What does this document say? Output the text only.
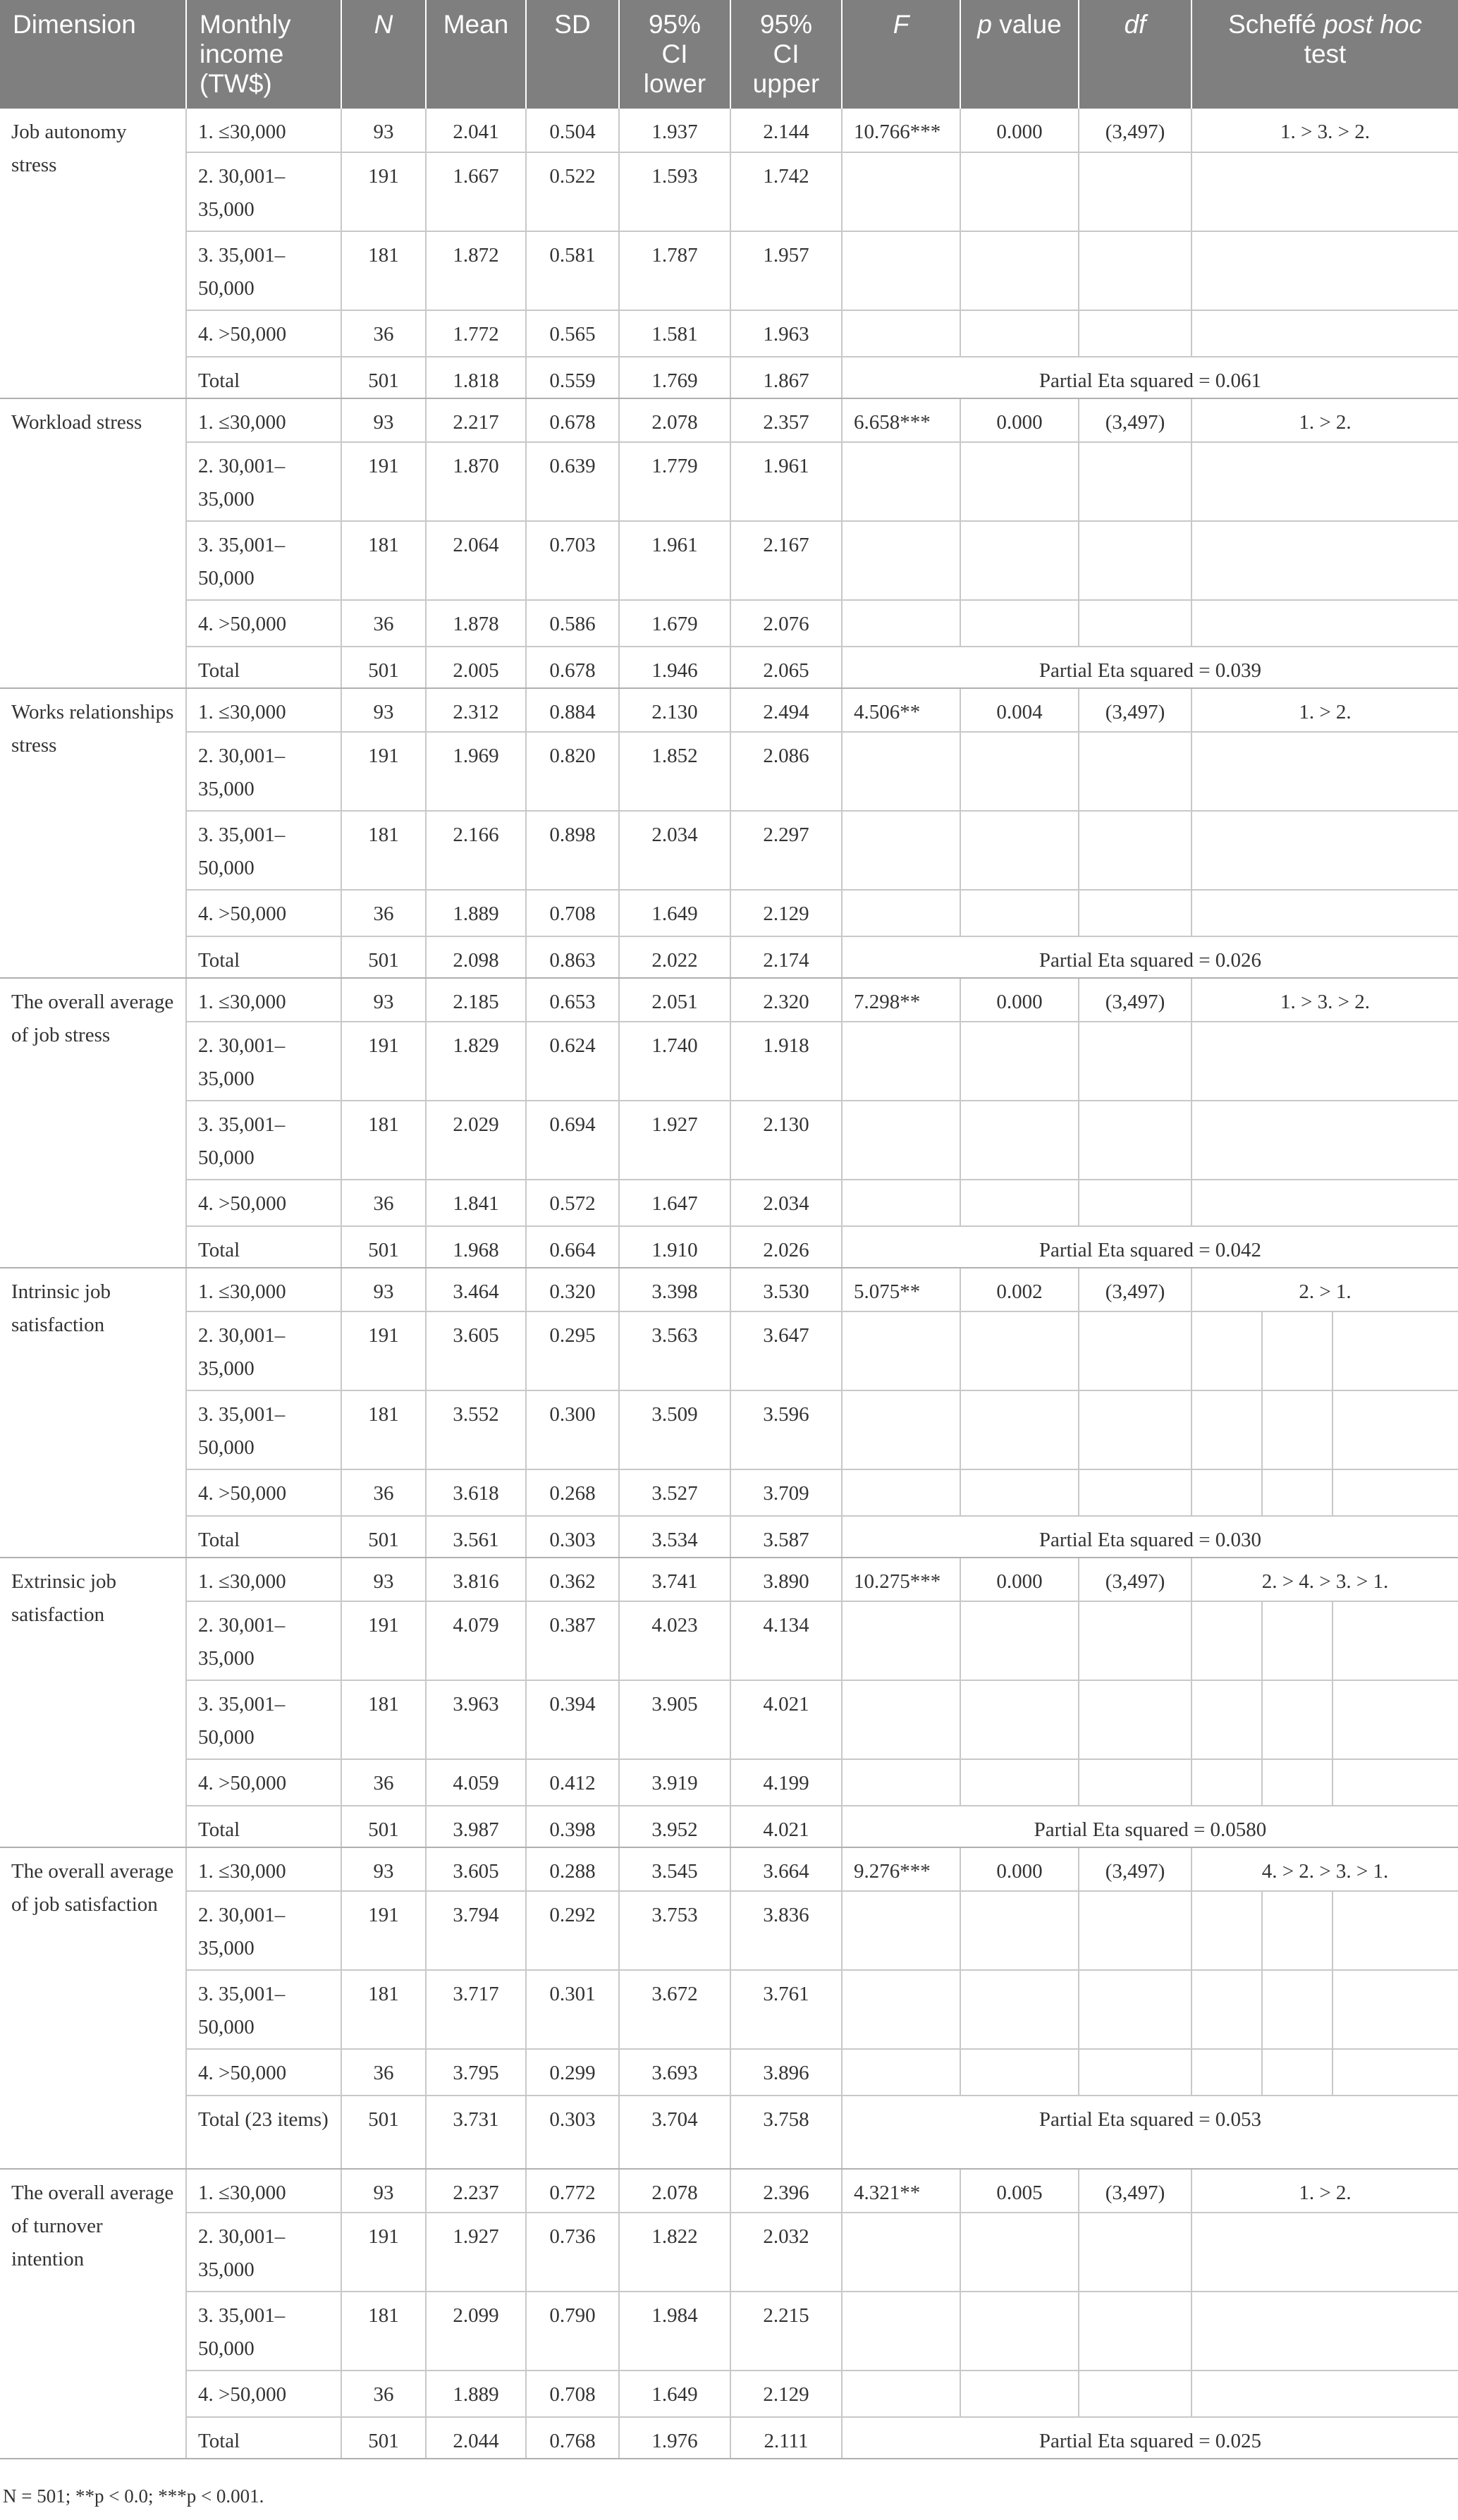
Dimension	Monthly income (TW$)	N	Mean	SD	95% CI lower	95% CI upper	F	p value	df	Scheffé post hoc test		
Job autonomy stress	1. ≤30,000	93	2.041	0.504	1.937	2.144	10.766***	0.000	(3,497)	1. > 3. > 2.		
	2. 30,001–35,000	191	1.667	0.522	1.593	1.742						
	3. 35,001–50,000	181	1.872	0.581	1.787	1.957						
	4. >50,000	36	1.772	0.565	1.581	1.963						
	Total	501	1.818	0.559	1.769	1.867	Partial Eta squared = 0.061					
Workload stress	1. ≤30,000	93	2.217	0.678	2.078	2.357	6.658***	0.000	(3,497)	1. > 2.		
	2. 30,001–35,000	191	1.870	0.639	1.779	1.961						
	3. 35,001–50,000	181	2.064	0.703	1.961	2.167						
	4. >50,000	36	1.878	0.586	1.679	2.076						
	Total	501	2.005	0.678	1.946	2.065	Partial Eta squared = 0.039					
Works relationships stress	1. ≤30,000	93	2.312	0.884	2.130	2.494	4.506**	0.004	(3,497)	1. > 2.		
	2. 30,001–35,000	191	1.969	0.820	1.852	2.086						
	3. 35,001–50,000	181	2.166	0.898	2.034	2.297						
	4. >50,000	36	1.889	0.708	1.649	2.129						
	Total	501	2.098	0.863	2.022	2.174	Partial Eta squared = 0.026					
The overall average of job stress	1. ≤30,000	93	2.185	0.653	2.051	2.320	7.298**	0.000	(3,497)	1. > 3. > 2.		
	2. 30,001–35,000	191	1.829	0.624	1.740	1.918						
	3. 35,001–50,000	181	2.029	0.694	1.927	2.130						
	4. >50,000	36	1.841	0.572	1.647	2.034						
	Total	501	1.968	0.664	1.910	2.026	Partial Eta squared = 0.042					
Intrinsic job satisfaction	1. ≤30,000	93	3.464	0.320	3.398	3.530	5.075**	0.002	(3,497)	2. > 1.		
	2. 30,001–35,000	191	3.605	0.295	3.563	3.647						
	3. 35,001–50,000	181	3.552	0.300	3.509	3.596						
	4. >50,000	36	3.618	0.268	3.527	3.709						
	Total	501	3.561	0.303	3.534	3.587	Partial Eta squared = 0.030					
Extrinsic job satisfaction	1. ≤30,000	93	3.816	0.362	3.741	3.890	10.275***	0.000	(3,497)	2. > 4. > 3. > 1.		
	2. 30,001–35,000	191	4.079	0.387	4.023	4.134						
	3. 35,001–50,000	181	3.963	0.394	3.905	4.021						
	4. >50,000	36	4.059	0.412	3.919	4.199						
	Total	501	3.987	0.398	3.952	4.021	Partial Eta squared = 0.0580					
The overall average of job satisfaction	1. ≤30,000	93	3.605	0.288	3.545	3.664	9.276***	0.000	(3,497)	4. > 2. > 3. > 1.		
	2. 30,001–35,000	191	3.794	0.292	3.753	3.836						
	3. 35,001–50,000	181	3.717	0.301	3.672	3.761						
	4. >50,000	36	3.795	0.299	3.693	3.896						
	Total (23 items)	501	3.731	0.303	3.704	3.758	Partial Eta squared = 0.053					
The overall average of turnover intention	1. ≤30,000	93	2.237	0.772	2.078	2.396	4.321**	0.005	(3,497)	1. > 2.		
	2. 30,001–35,000	191	1.927	0.736	1.822	2.032						
	3. 35,001–50,000	181	2.099	0.790	1.984	2.215						
	4. >50,000	36	1.889	0.708	1.649	2.129						
	Total	501	2.044	0.768	1.976	2.111	Partial Eta squared = 0.025					
N = 501; **p < 0.0; ***p < 0.001.
